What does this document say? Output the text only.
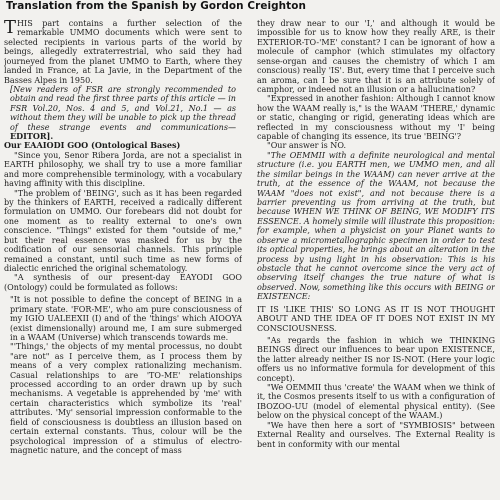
Translation from the Spanish by Gordon Creighton

THIS part contains a further selection of the remarkable UMMO documents which were sent to selected recipients in various parts of the world by beings, allegedly extraterrestrial, who said they had journeyed from the planet UMMO to Earth, where they landed in France, at La Javie, in the Department of the Basses Alpes in 1950.

[New readers of FSR are strongly recommended to obtain and read the first three parts of this article — in FSR Vol.20, Nos. 4 and 5, and Vol.21, No.1 — as without them they will be unable to pick up the thread of these strange events and communications—EDITOR].

Our EAAIODI GOO (Ontological Bases)

"Since you, Senor Ribera Jorda, are not a specialist in EARTH philosophy, we shall try to use a more familiar and more comprehensible terminology, with a vocabulary having affinity with this discipline.

"The problem of 'BEING', such as it has been regarded by the thinkers of EARTH, received a radically different formulation on UMMO. Our forebears did not doubt for one moment as to reality external to one's own conscience. "Things" existed for them "outside of me," but their real essence was masked for us by the codification of our sensorial channels. This principle remained a constant, until such time as new forms of dialectic enriched the original schematology.

"A synthesis of our present-day EAYODI GOO (Ontology) could be formulated as follows:

"It is not possible to define the concept of BEING in a primary state. 'FOR-ME', who am pure consciousness of my IGIO UALEEXII (I) and of the 'things' which AIOOYA (exist dimensionally) around me, I am sure submerged in a WAAM (Universe) which transcends towards me.

"'Things,' the objects of my mental processus, no doubt "are not" as I perceive them, as I process them by means of a very complex rationalizing mechanism. Casual relationships to are 'TO-ME' relationships processed according to an order drawn up by such mechanisms. A vegetable is apprehended by 'me' with certain characteristics which symbolize its 'real' attributes. 'My' sensorial impression conformable to the field of consciousness is doubtless an illusion based on certain external constants. Thus, colour will be the psychological impression of a stimulus of electro-magnetic nature, and the concept of mass

they draw near to our 'I,' and although it would be impossible for us to know how they really ARE, is their EXTERIOR-TO-'ME' constant? I can be ignorant of how a molecule of camphor (which stimulates my olfactory sense-organ and causes the chemistry of which I am conscious) really 'IS'. But, every time that I perceive such an aroma, can I be sure that it is an attribute solely of camphor, or indeed not an illusion or a hallucination?

"Expressed in another fashion: Although I cannot know how the WAAM really is," is the WAAM 'THERE,' dynamic or static, changing or rigid, generating ideas which are reflected in my consciousness without my 'I' being capable of changing its essence, its true 'BEING'?

"Our answer is NO.

"The OEMMII with a definite neurological and mental structure (i.e. you EARTH men, we UMMO men, and all the similar beings in the WAAM) can never arrive at the truth, at the essence of the WAAM, not because the WAAM "does not exist", and not because there is a barrier preventing us from arriving at the truth, but because WHEN WE THINK OF BEING, WE MODIFY ITS ESSENCE. A homely simile will illustrate this proposition: for example, when a physicist on your Planet wants to observe a micrometallographic specimen in order to test its optical properties, he brings about an alteration in the process by using light in his observation: This is his obstacle that he cannot overcome since the very act of observing itself changes the true nature of what is observed. Now, something like this occurs with BEING or EXISTENCE:

IT IS 'LIKE THIS' SO LONG AS IT IS NOT THOUGHT ABOUT AND THE IDEA OF IT DOES NOT EXIST IN MY CONSCIOUSNESS.

"As regards the fashion in which we THINKING BEINGS direct our influences to bear upon EXISTENCE, the latter already neither IS nor IS-NOT. (Here your logic offers us no informative formula for development of this concept).

"We OEMMII thus 'create' the WAAM when we think of it, the Cosmos presents itself to us with a configuration of IBOZOO-UU (model of elemental physical entity). (See below on the physical concept of the WAAM.)

"We have then here a sort of "SYMBIOSIS" between External Reality and ourselves. The External Reality is bent in conformity with our mental
